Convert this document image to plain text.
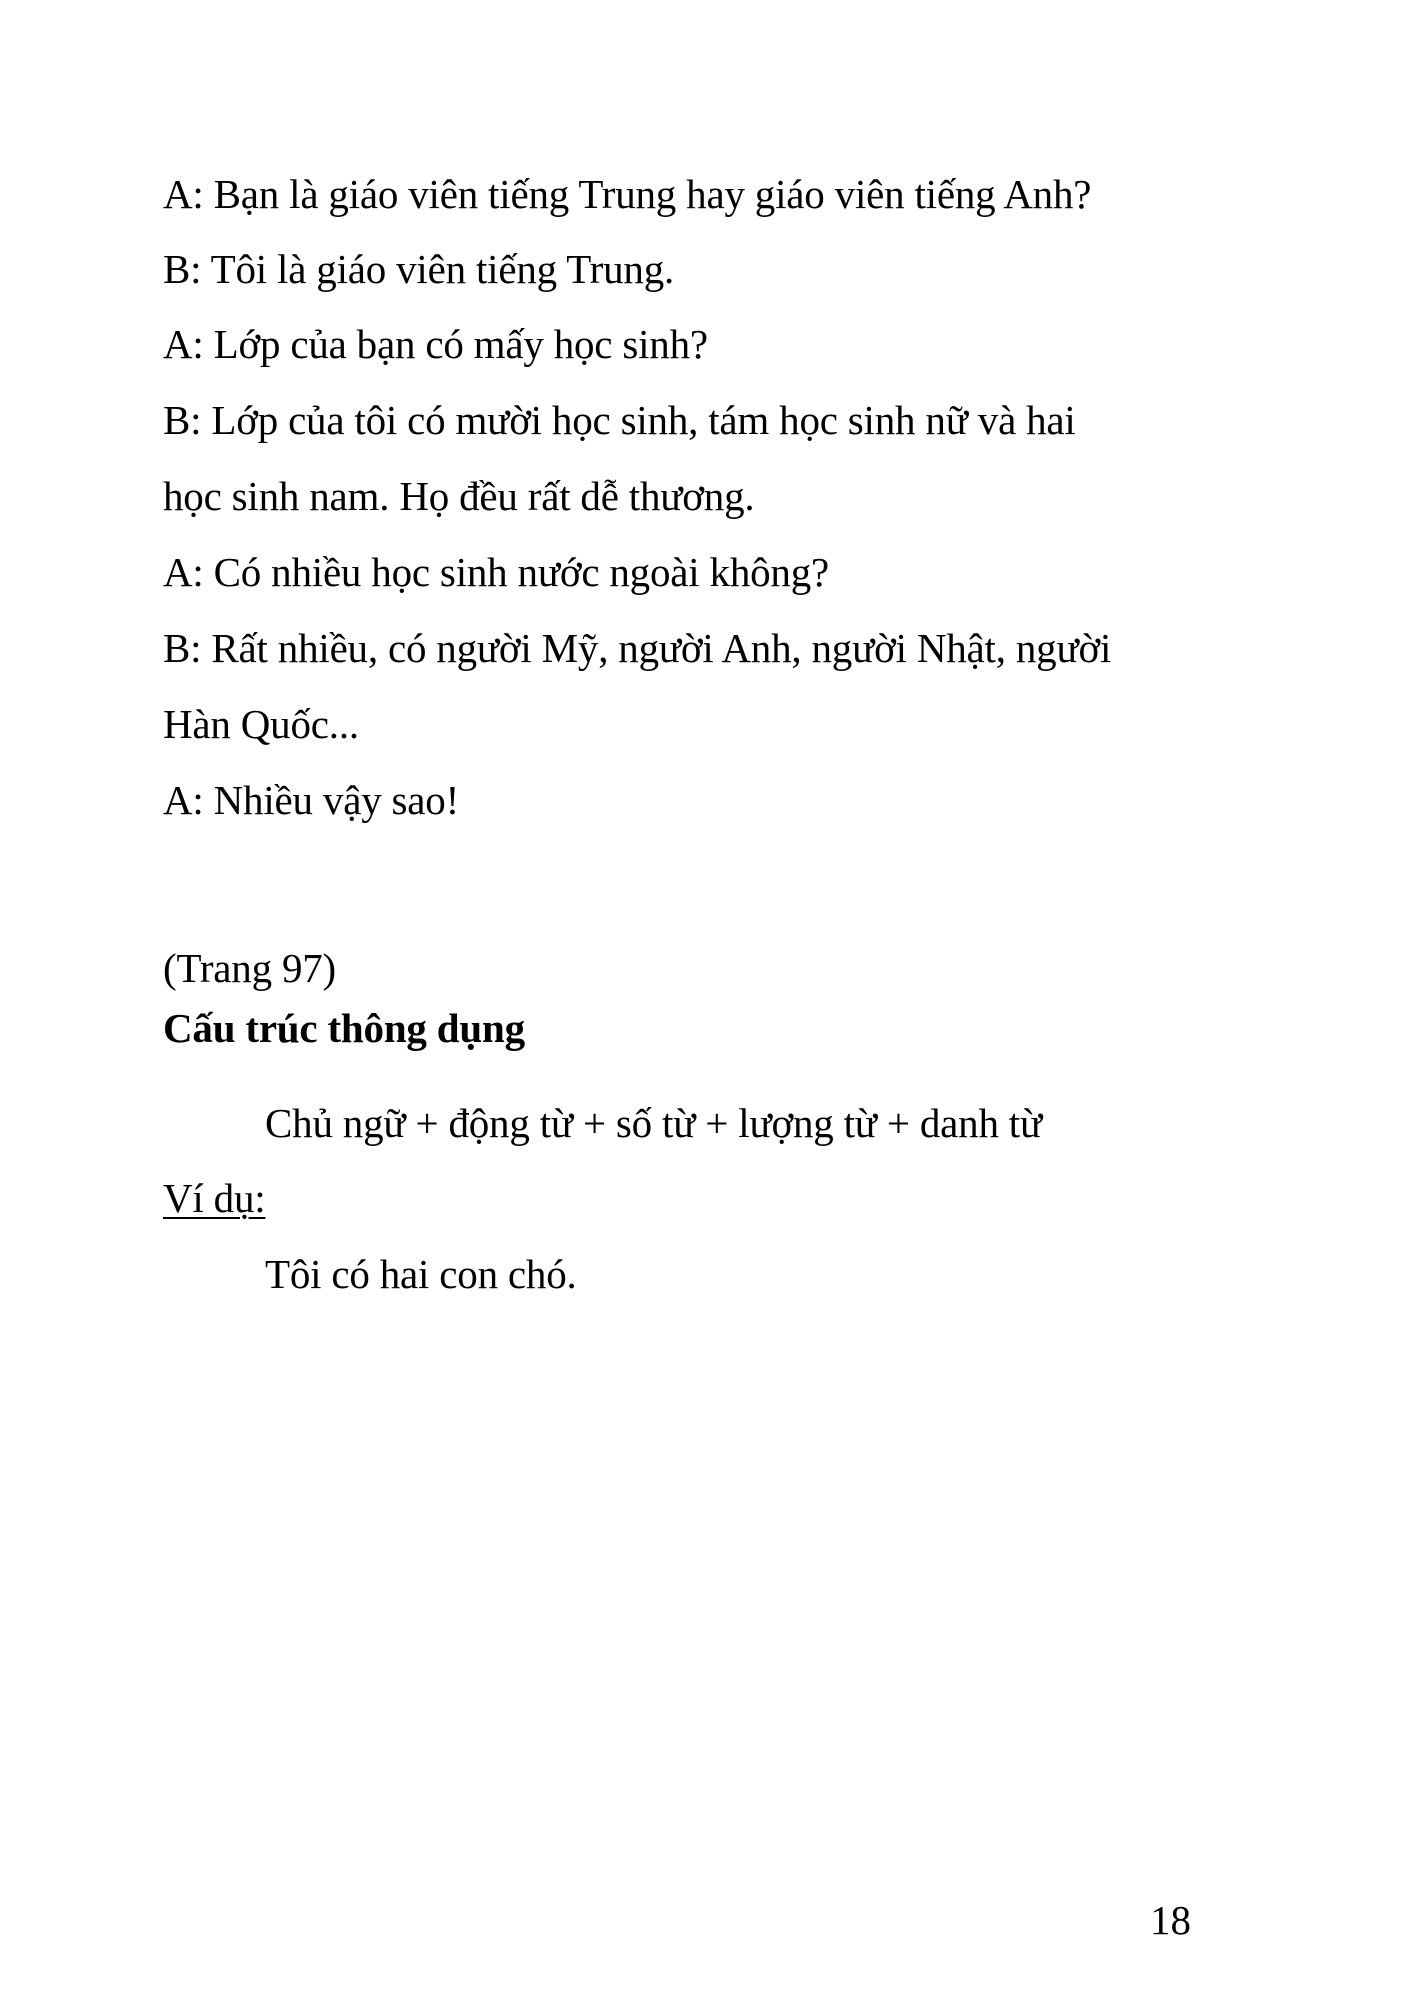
A: Bạn là giáo viên tiếng Trung hay giáo viên tiếng Anh?
B: Tôi là giáo viên tiếng Trung.
A: Lớp của bạn có mấy học sinh?
B: Lớp của tôi có mười học sinh, tám học sinh nữ và hai
học sinh nam. Họ đều rất dễ thương.
A: Có nhiều học sinh nước ngoài không?
B: Rất nhiều, có người Mỹ, người Anh, người Nhật, người
Hàn Quốc...
A: Nhiều vậy sao!
(Trang 97)
Cấu trúc thông dụng
Chủ ngữ + động từ + số từ + lượng từ + danh từ
Ví dụ:
Tôi có hai con chó.
18
